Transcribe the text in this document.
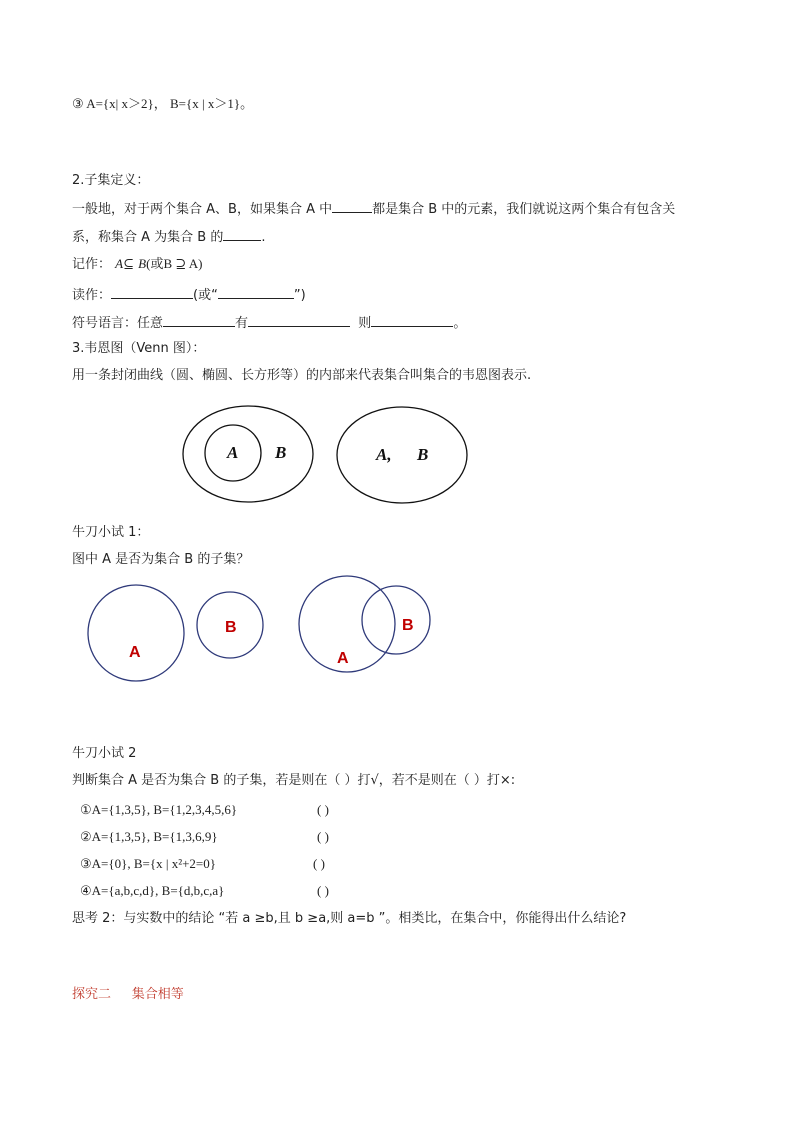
③ A={x| x＞2}， B={x | x＞1}。
2.子集定义：
一般地，对于两个集合 A、B，如果集合 A 中	都是集合 B 中的元素，我们就说这两个集合有包含关
系，称集合 A 为集合 B 的	.
记作： A⊆ B(或B ⊇ A)
读作：	(或“	”)
符号语言：任意	有	则	。
3.韦恩图（Venn 图）：
用一条封闭曲线（圆、椭圆、长方形等）的内部来代表集合叫集合的韦恩图表示.
A B	A, B
A
B
A
B
牛刀小试 1：
图中 A 是否为集合 B 的子集？
牛刀小试 2
判断集合 A 是否为集合 B 的子集，若是则在（ ）打√，若不是则在（ ）打×:
①A={1,3,5}, B={1,2,3,4,5,6}	( )
②A={1,3,5}, B={1,3,6,9}	( )
③A={0}, B={x | x²+2=0}	( )
④A={a,b,c,d}, B={d,b,c,a}	( )
思考 2：与实数中的结论 “若 a ≥b,且 b ≥a,则 a=b ”。相类比，在集合中，你能得出什么结论?
探究二 集合相等
